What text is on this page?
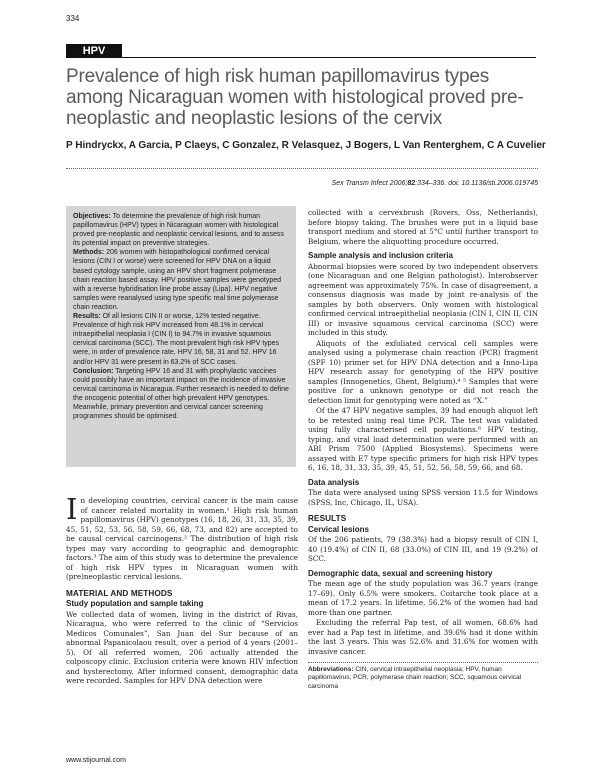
334
HPV
Prevalence of high risk human papillomavirus types among Nicaraguan women with histological proved pre-neoplastic and neoplastic lesions of the cervix
P Hindryckx, A Garcia, P Claeys, C Gonzalez, R Velasquez, J Bogers, L Van Renterghem, C A Cuvelier
Sex Transm Infect 2006;82:334–336. doi: 10.1136/sti.2006.019745

Objectives: To determine the prevalence of high risk human papillomavirus (HPV) types in Nicaraguan women with histological proved pre-neoplastic and neoplastic cervical lesions, and to assess its potential impact on preventive strategies.

Methods: 206 women with histopathological confirmed cervical lesions (CIN I or worse) were screened for HPV DNA on a liquid based cytology sample, using an HPV short fragment polymerase chain reaction based assay. HPV positive samples were genotyped with a reverse hybridisation line probe assay (Lipa). HPV negative samples were reanalysed using type specific real time polymerase chain reaction.

Results: Of all lesions CIN II or worse, 12% tested negative. Prevalence of high risk HPV increased from 48.1% in cervical intraepithelial neoplasia I (CIN I) to 94.7% in invasive squamous cervical carcinoma (SCC). The most prevalent high risk HPV types were, in order of prevalence rate, HPV 16, 58, 31 and 52. HPV 16 and/or HPV 31 were present in 63.2% of SCC cases.

Conclusion: Targeting HPV 16 and 31 with prophylactic vaccines could possibly have an important impact on the incidence of invasive cervical carcinoma in Nicaragua. Further research is needed to define the oncogenic potential of other high prevalent HPV genotypes. Meanwhile, primary prevention and cervical cancer screening programmes should be optimised.

In developing countries, cervical cancer is the main cause of cancer related mortality in women.¹ High risk human papillomavirus (HPV) genotypes (16, 18, 26, 31, 33, 35, 39, 45, 51, 52, 53, 56, 58, 59, 66, 68, 73, and 82) are accepted to be causal cervical carcinogens.² The distribution of high risk types may vary according to geographic and demographic factors.³ The aim of this study was to determine the prevalence of high risk HPV types in Nicaraguan women with (pre)neoplastic cervical lesions.

MATERIAL AND METHODS
Study population and sample taking

We collected data of women, living in the district of Rivas, Nicaragua, who were referred to the clinic of “Servicios Medicos Comunales”, San Juan del Sur because of an abnormal Papanicolaou result, over a period of 4 years (2001–5). Of all referred women, 206 actually attended the colposcopy clinic. Exclusion criteria were known HIV infection and hysterectomy. After informed consent, demographic data were recorded. Samples for HPV DNA detection were

collected with a cervexbrush (Rovers, Oss, Netherlands), before biopsy taking. The brushes were put in a liquid base transport medium and stored at 5°C until further transport to Belgium, where the aliquotting procedure occurred.

Sample analysis and inclusion criteria

Abnormal biopsies were scored by two independent observers (one Nicaraguan and one Belgian pathologist). Interobserver agreement was approximately 75%. In case of disagreement, a consensus diagnosis was made by joint re-analysis of the samples by both observers. Only women with histological confirmed cervical intraepithelial neoplasia (CIN I, CIN II, CIN III) or invasive squamous cervical carcinoma (SCC) were included in this study.

Aliquots of the exfoliated cervical cell samples were analysed using a polymerase chain reaction (PCR) fragment (SPF 10) primer set for HPV DNA detection and a Inno-Lipa HPV research assay for genotyping of the HPV positive samples (Innogenetics, Ghent, Belgium).⁴ ⁵ Samples that were positive for a unknown genotype or did not reach the detection limit for genotyping were noted as “X.”

Of the 47 HPV negative samples, 39 had enough aliquot left to be retested using real time PCR. The test was validated using fully characterised cell populations.⁶ HPV testing, typing, and viral load determination were performed with an ABI Prism 7500 (Applied Biosystems). Specimens were assayed with E7 type specific primers for high risk HPV types 6, 16, 18, 31, 33, 35, 39, 45, 51, 52, 56, 58, 59, 66, and 68.

Data analysis

The data were analysed using SPSS version 11.5 for Windows (SPSS, Inc, Chicago, IL, USA).

RESULTS
Cervical lesions

Of the 206 patients, 79 (38.3%) had a biopsy result of CIN I, 40 (19.4%) of CIN II, 68 (33.0%) of CIN III, and 19 (9.2%) of SCC.

Demographic data, sexual and screening history

The mean age of the study population was 36.7 years (range 17–69). Only 6.5% were smokers. Coitarche took place at a mean of 17.2 years. In lifetime, 56.2% of the women had had more than one partner.

Excluding the referral Pap test, of all women, 68.6% had ever had a Pap test in lifetime, and 39.6% had it done within the last 3 years. This was 52.6% and 31.6% for women with invasive cancer.

Abbreviations: CIN, cervical intraepithelial neoplasia; HPV, human papillomavirus; PCR, polymerase chain reaction; SCC, squamous cervical carcinoma
www.stijournal.com
